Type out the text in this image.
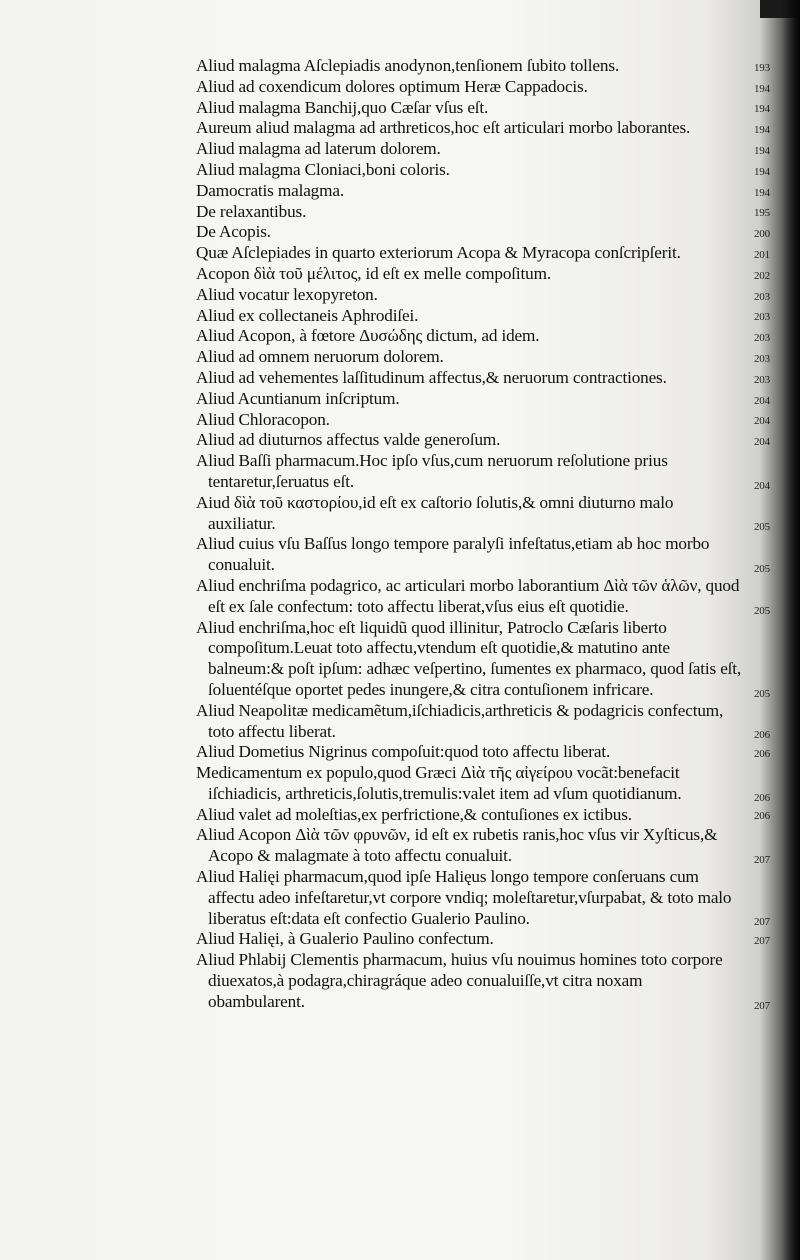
Aliud malagma Aſclepiadis anodynon,tenſionem ſubito tollens.	193
Aliud ad coxendicum dolores optimum Heræ Cappadocis.	194
Aliud malagma Banchij,quo Cæſar vſus eſt.	194
Aureum aliud malagma ad arthreticos,hoc eſt articulari morbo laborantes.	194
Aliud malagma ad laterum dolorem.	194
Aliud malagma Cloniaci,boni coloris.	194
Damocratis malagma.	194
De relaxantibus.	195
De Acopis.	200
Quæ Aſclepiades in quarto exteriorum Acopa & Myracopa conſcripſerit.	201
Acopon δὶὰ τοῦ μέλιτος, id eſt ex melle compoſitum.	202
Aliud vocatur lexopyreton.	203
Aliud ex collectaneis Aphrodiſei.	203
Aliud Acopon, à fœtore Δυσώδης dictum, ad idem.	203
Aliud ad omnem neruorum dolorem.	203
Aliud ad vehementes laſſitudinum affectus,& neruorum contractiones.	203
Aliud Acuntianum inſcriptum.	204
Aliud Chloracopon.	204
Aliud ad diuturnos affectus valde generoſum.	204
Aliud Baſſi pharmacum.Hoc ipſo vſus,cum neruorum reſolutione prius tentaretur,ſeruatus eſt.	204
Aiud δὶὰ τοῦ καστορίου,id eſt ex caſtorio ſolutis,& omni diuturno malo auxiliatur.	205
Aliud cuius vſu Baſſus longo tempore paralyſi infeſtatus,etiam ab hoc morbo conualuit.	205
Aliud enchriſma podagrico, ac articulari morbo laborantium Δὶὰ τῶν ἁλῶν, quod eſt ex ſale confectum: toto affectu liberat,vſus eius eſt quotidie.	205
Aliud enchriſma,hoc eſt liquidũ quod illinitur, Patroclo Cæſaris liberto compoſitum.Leuat toto affectu,vtendum eſt quotidie,& matutino ante balneum:& poſt ipſum: adhæc veſpertino, ſumentes ex pharmaco, quod ſatis eſt, ſoluentéſque oportet pedes inungere,& citra contuſionem infricare.	205
Aliud Neapolitæ medicamẽtum,iſchiadicis,arthreticis & podagricis confectum, toto affectu liberat.	206
Aliud Dometius Nigrinus compoſuit:quod toto affectu liberat.	206
Medicamentum ex populo,quod Græci Δὶὰ τῆς αἰγείρου vocãt:benefacit iſchiadicis, arthreticis,ſolutis,tremulis:valet item ad vſum quotidianum.	206
Aliud valet ad moleſtias,ex perfrictione,& contuſiones ex ictibus.	206
Aliud Acopon Δὶὰ τῶν φρυνῶν, id eſt ex rubetis ranis,hoc vſus vir Xyſticus,& Acopo & malagmate à toto affectu conualuit.	207
Aliud Halięi pharmacum,quod ipſe Halięus longo tempore conſeruans cum affectu adeo infeſtaretur,vt corpore vndiq; moleſtaretur,vſurpabat, & toto malo liberatus eſt:data eſt confectio Gualerio Paulino.	207
Aliud Halięi, à Gualerio Paulino confectum.	207
Aliud Phlabij Clementis pharmacum, huius vſu nouimus homines toto corpore diuexatos,à podagra,chiragráque adeo conualuiſſe,vt citra noxam obambularent.	207
